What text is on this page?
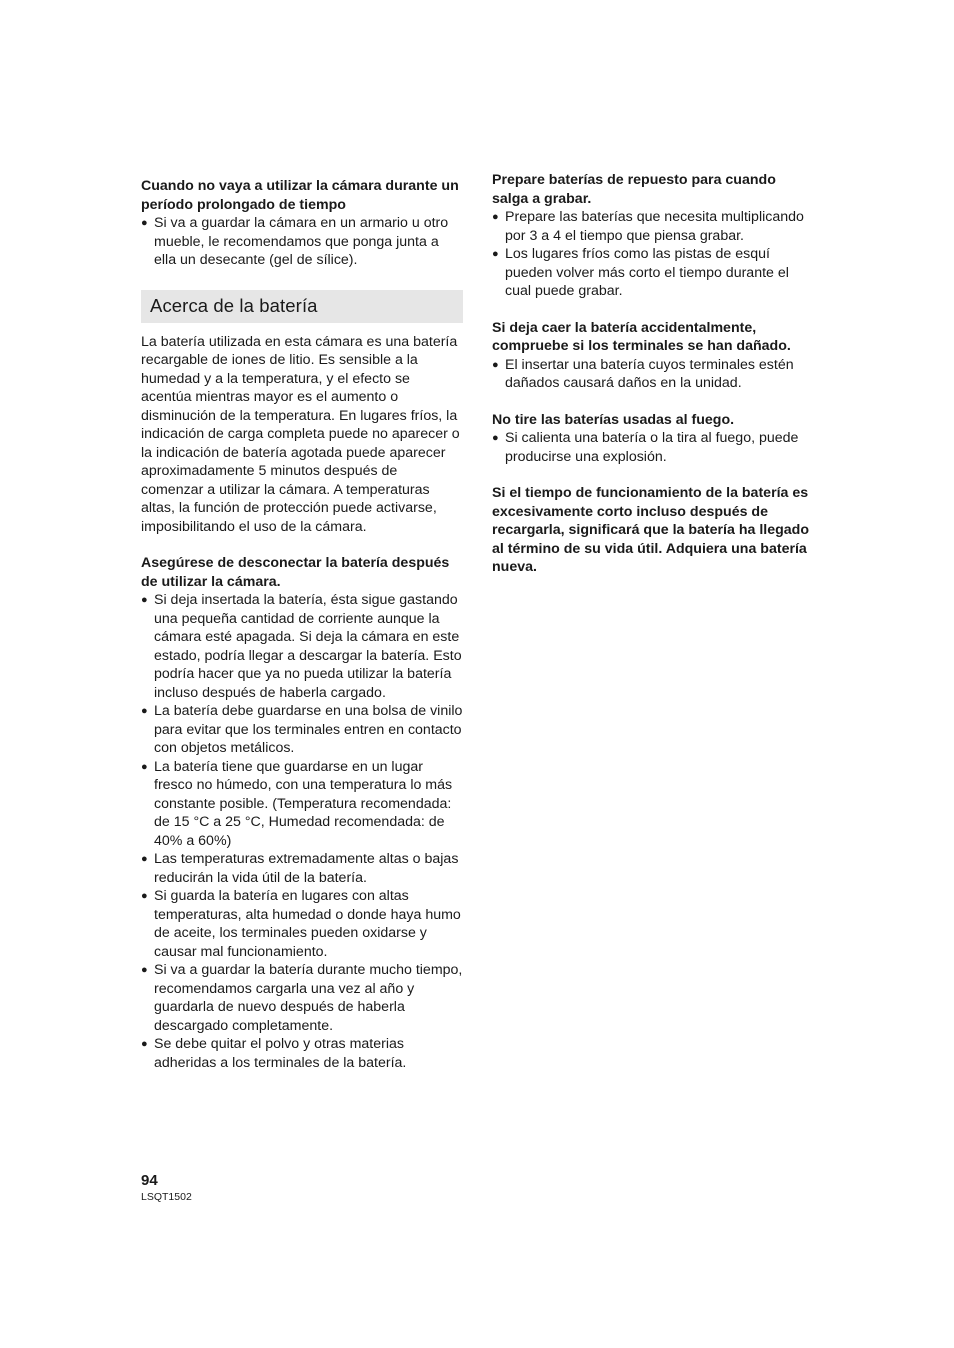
Cuando no vaya a utilizar la cámara durante un período prolongado de tiempo

● Si va a guardar la cámara en un armario u otro mueble, le recomendamos que ponga junta a ella un desecante (gel de sílice).
Acerca de la batería

La batería utilizada en esta cámara es una batería recargable de iones de litio. Es sensible a la humedad y a la temperatura, y el efecto se acentúa mientras mayor es el aumento o disminución de la temperatura. En lugares fríos, la indicación de carga completa puede no aparecer o la indicación de batería agotada puede aparecer aproximadamente 5 minutos después de comenzar a utilizar la cámara. A temperaturas altas, la función de protección puede activarse, imposibilitando el uso de la cámara.

Asegúrese de desconectar la batería después de utilizar la cámara.

● Si deja insertada la batería, ésta sigue gastando una pequeña cantidad de corriente aunque la cámara esté apagada. Si deja la cámara en este estado, podría llegar a descargar la batería. Esto podría hacer que ya no pueda utilizar la batería incluso después de haberla cargado.
● La batería debe guardarse en una bolsa de vinilo para evitar que los terminales entren en contacto con objetos metálicos.
● La batería tiene que guardarse en un lugar fresco no húmedo, con una temperatura lo más constante posible. (Temperatura recomendada: de 15 °C a 25 °C, Humedad recomendada: de 40% a 60%)
● Las temperaturas extremadamente altas o bajas reducirán la vida útil de la batería.
● Si guarda la batería en lugares con altas temperaturas, alta humedad o donde haya humo de aceite, los terminales pueden oxidarse y causar mal funcionamiento.
● Si va a guardar la batería durante mucho tiempo, recomendamos cargarla una vez al año y guardarla de nuevo después de haberla descargado completamente.
● Se debe quitar el polvo y otras materias adheridas a los terminales de la batería.

Prepare baterías de repuesto para cuando salga a grabar.

● Prepare las baterías que necesita multiplicando por 3 a 4 el tiempo que piensa grabar.
● Los lugares fríos como las pistas de esquí pueden volver más corto el tiempo durante el cual puede grabar.

Si deja caer la batería accidentalmente, compruebe si los terminales se han dañado.

● El insertar una batería cuyos terminales estén dañados causará daños en la unidad.

No tire las baterías usadas al fuego.

● Si calienta una batería o la tira al fuego, puede producirse una explosión.

Si el tiempo de funcionamiento de la batería es excesivamente corto incluso después de recargarla, significará que la batería ha llegado al término de su vida útil. Adquiera una batería nueva.

94
LSQT1502
